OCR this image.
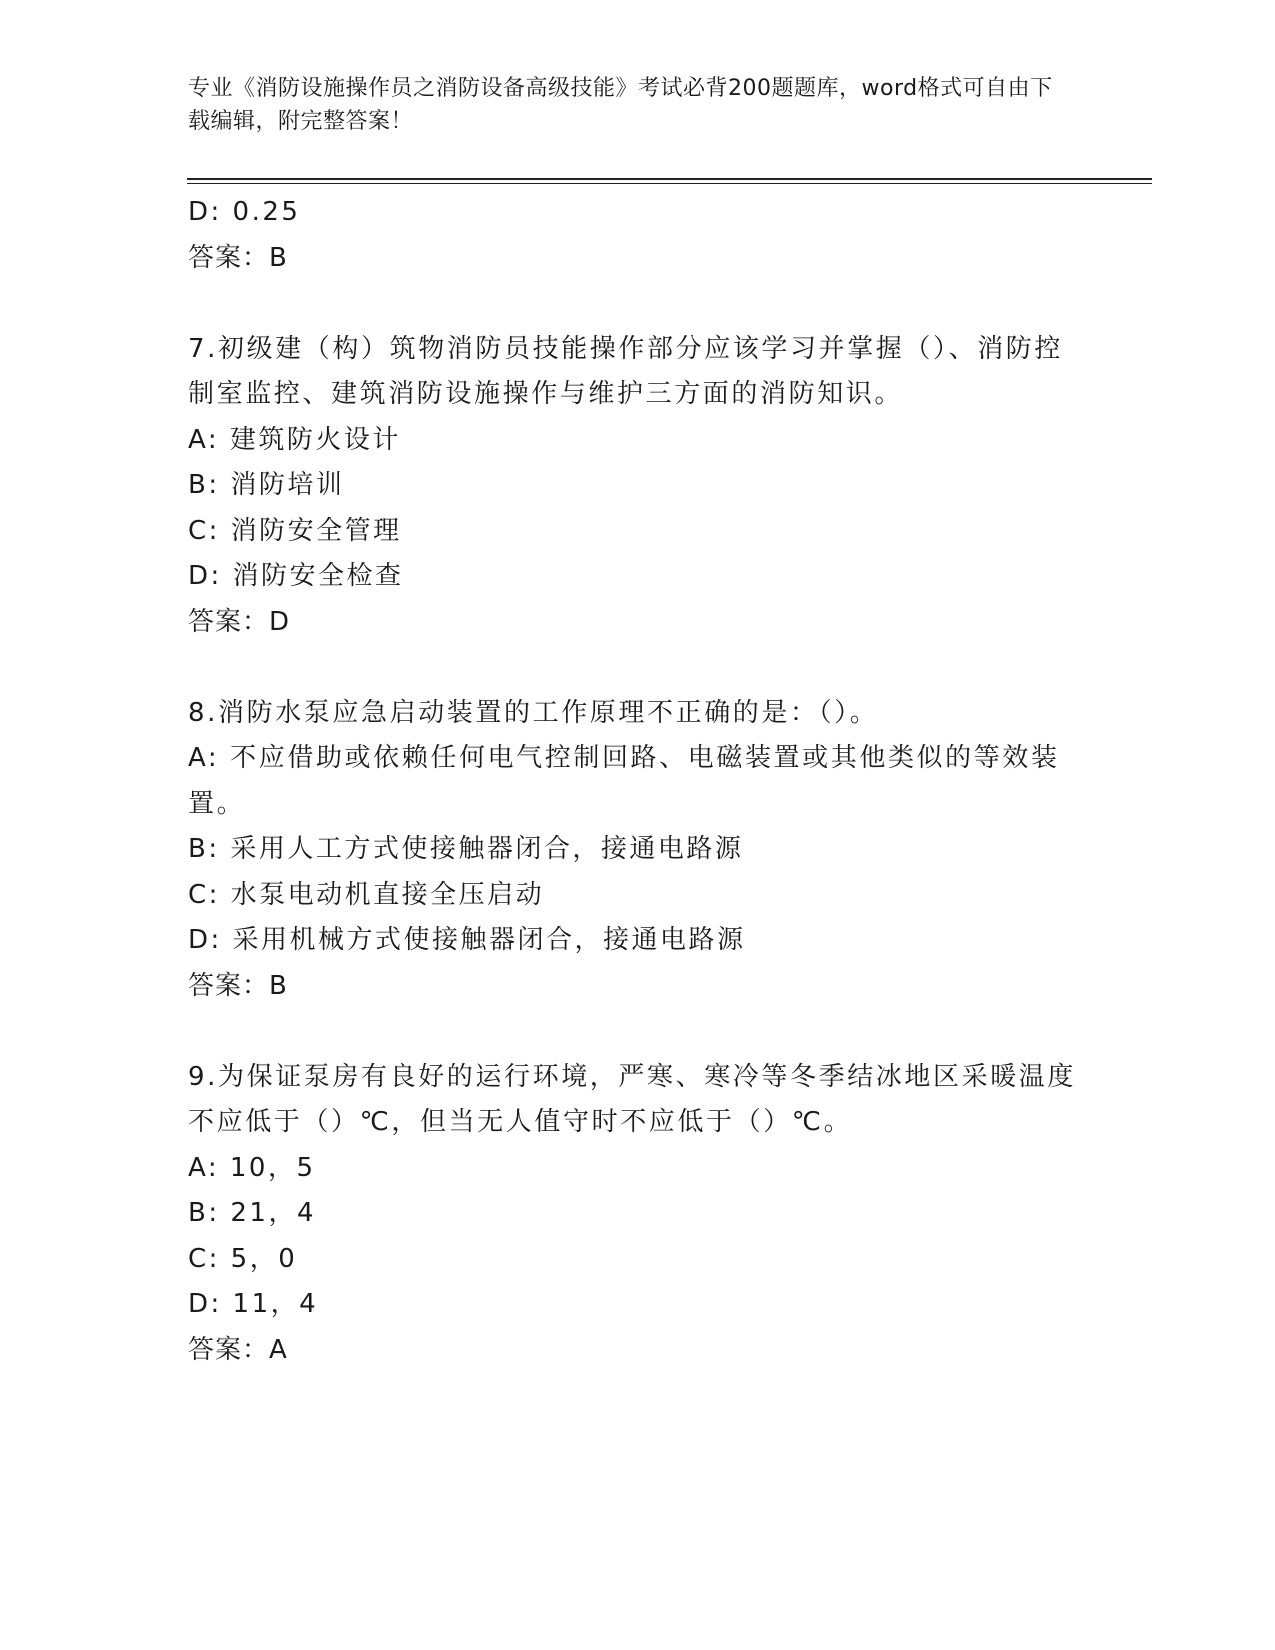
专业《消防设施操作员之消防设备高级技能》考试必背200题题库，word格式可自由下载编辑，附完整答案！
D: 0.25
答案：B
7.初级建（构）筑物消防员技能操作部分应该学习并掌握（）、消防控制室监控、建筑消防设施操作与维护三方面的消防知识。
A: 建筑防火设计
B: 消防培训
C: 消防安全管理
D: 消防安全检查
答案：D
8.消防水泵应急启动装置的工作原理不正确的是：（）。
A: 不应借助或依赖任何电气控制回路、电磁装置或其他类似的等效装置。
B: 采用人工方式使接触器闭合，接通电路源
C: 水泵电动机直接全压启动
D: 采用机械方式使接触器闭合，接通电路源
答案：B
9.为保证泵房有良好的运行环境，严寒、寒冷等冬季结冰地区采暖温度不应低于（）℃，但当无人值守时不应低于（）℃。
A: 10，5
B: 21，4
C: 5，0
D: 11，4
答案：A
